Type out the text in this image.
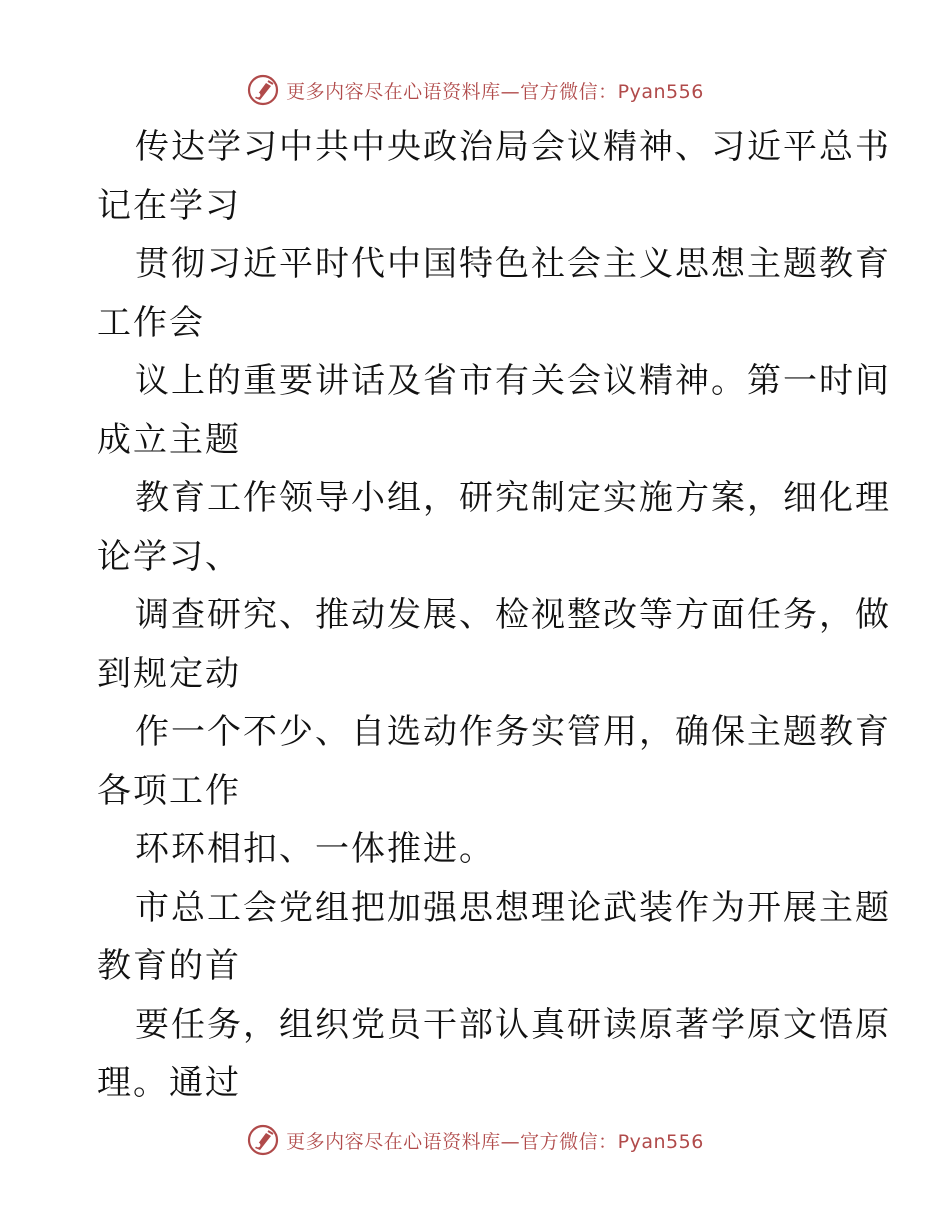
更多内容尽在心语资料库—官方微信：Pyan556

传达学习中共中央政治局会议精神、习近平总书
记在学习

贯彻习近平时代中国特色社会主义思想主题教育
工作会

议上的重要讲话及省市有关会议精神。第一时间
成立主题

教育工作领导小组，研究制定实施方案，细化理
论学习、

调查研究、推动发展、检视整改等方面任务，做
到规定动

作一个不少、自选动作务实管用，确保主题教育
各项工作

环环相扣、一体推进。

市总工会党组把加强思想理论武装作为开展主题
教育的首

要任务，组织党员干部认真研读原著学原文悟原
理。通过

更多内容尽在心语资料库—官方微信：Pyan556
